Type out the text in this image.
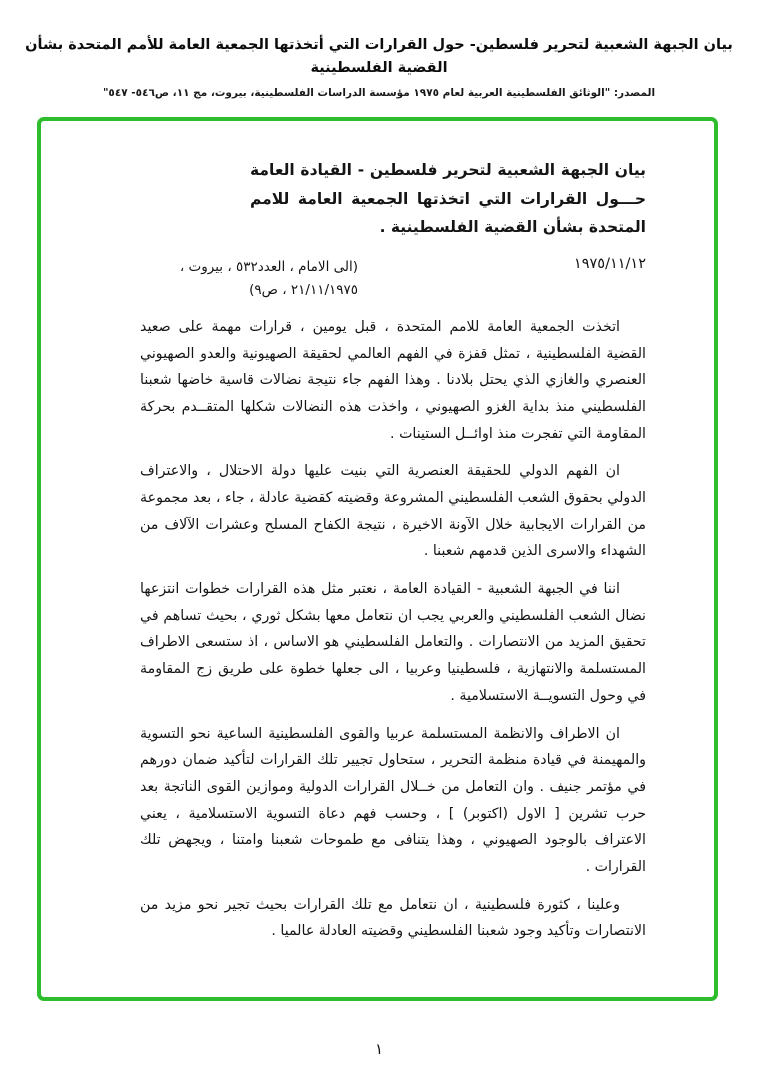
بيان الجبهة الشعبية لتحرير فلسطين- حول القرارات التي أتخذتها الجمعية العامة للأمم المتحدة بشأن القضية الفلسطينية
المصدر: "الوثائق الفلسطينية العربية لعام ١٩٧٥ مؤسسة الدراسات الفلسطينية، بيروت، مج ١١، ص٥٤٦- ٥٤٧"
بيان الجبهة الشعبية لتحرير فلسطين - القيادة العامة حـــول القرارات التي اتخذتها الجمعية العامة للامم المتحدة بشأن القضية الفلسطينية .
١٩٧٥/١١/١٢
(الى الامام ، العدد٥٣٢ ، بيروت ، ٢١/١١/١٩٧٥ ، ص٩)

اتخذت الجمعية العامة للامم المتحدة ، قبل يومين ، قرارات مهمة على صعيد القضية الفلسطينية ، تمثل قفزة في الفهم العالمي لحقيقة الصهيونية والعدو الصهيوني العنصري والغازي الذي يحتل بلادنا . وهذا الفهم جاء نتيجة نضالات قاسية خاضها شعبنا الفلسطيني منذ بداية الغزو الصهيوني ، واخذت هذه النضالات شكلها المتقــدم بحركة المقاومة التي تفجرت منذ اوائــل الستينات .

ان الفهم الدولي للحقيقة العنصرية التي بنيت عليها دولة الاحتلال ، والاعتراف الدولي بحقوق الشعب الفلسطيني المشروعة وقضيته كقضية عادلة ، جاء ، بعد مجموعة من القرارات الايجابية خلال الآونة الاخيرة ، نتيجة الكفاح المسلح وعشرات الآلاف من الشهداء والاسرى الذين قدمهم شعبنا .

اننا في الجبهة الشعبية - القيادة العامة ، نعتبر مثل هذه القرارات خطوات انتزعها نضال الشعب الفلسطيني والعربي يجب ان نتعامل معها بشكل ثوري ، بحيث تساهم في تحقيق المزيد من الانتصارات . والتعامل الفلسطيني هو الاساس ، اذ ستسعى الاطراف المستسلمة والانتهازية ، فلسطينيا وعربيا ، الى جعلها خطوة على طريق زج المقاومة في وحول التسويــة الاستسلامية .

ان الاطراف والانظمة المستسلمة عربيا والقوى الفلسطينية الساعية نحو التسوية والمهيمنة في قيادة منظمة التحرير ، ستحاول تجيير تلك القرارات لتأكيد ضمان دورهم في مؤتمر جنيف . وان التعامل من خــلال القرارات الدولية وموازين القوى الناتجة بعد حرب تشرين [ الاول (اكتوبر) ] ، وحسب فهم دعاة التسوية الاستسلامية ، يعني الاعتراف بالوجود الصهيوني ، وهذا يتنافى مع طموحات شعبنا وامتنا ، ويجهض تلك القرارات .

وعلينا ، كثورة فلسطينية ، ان نتعامل مع تلك القرارات بحيث تجير نحو مزيد من الانتصارات وتأكيد وجود شعبنا الفلسطيني وقضيته العادلة عالميا .

١
